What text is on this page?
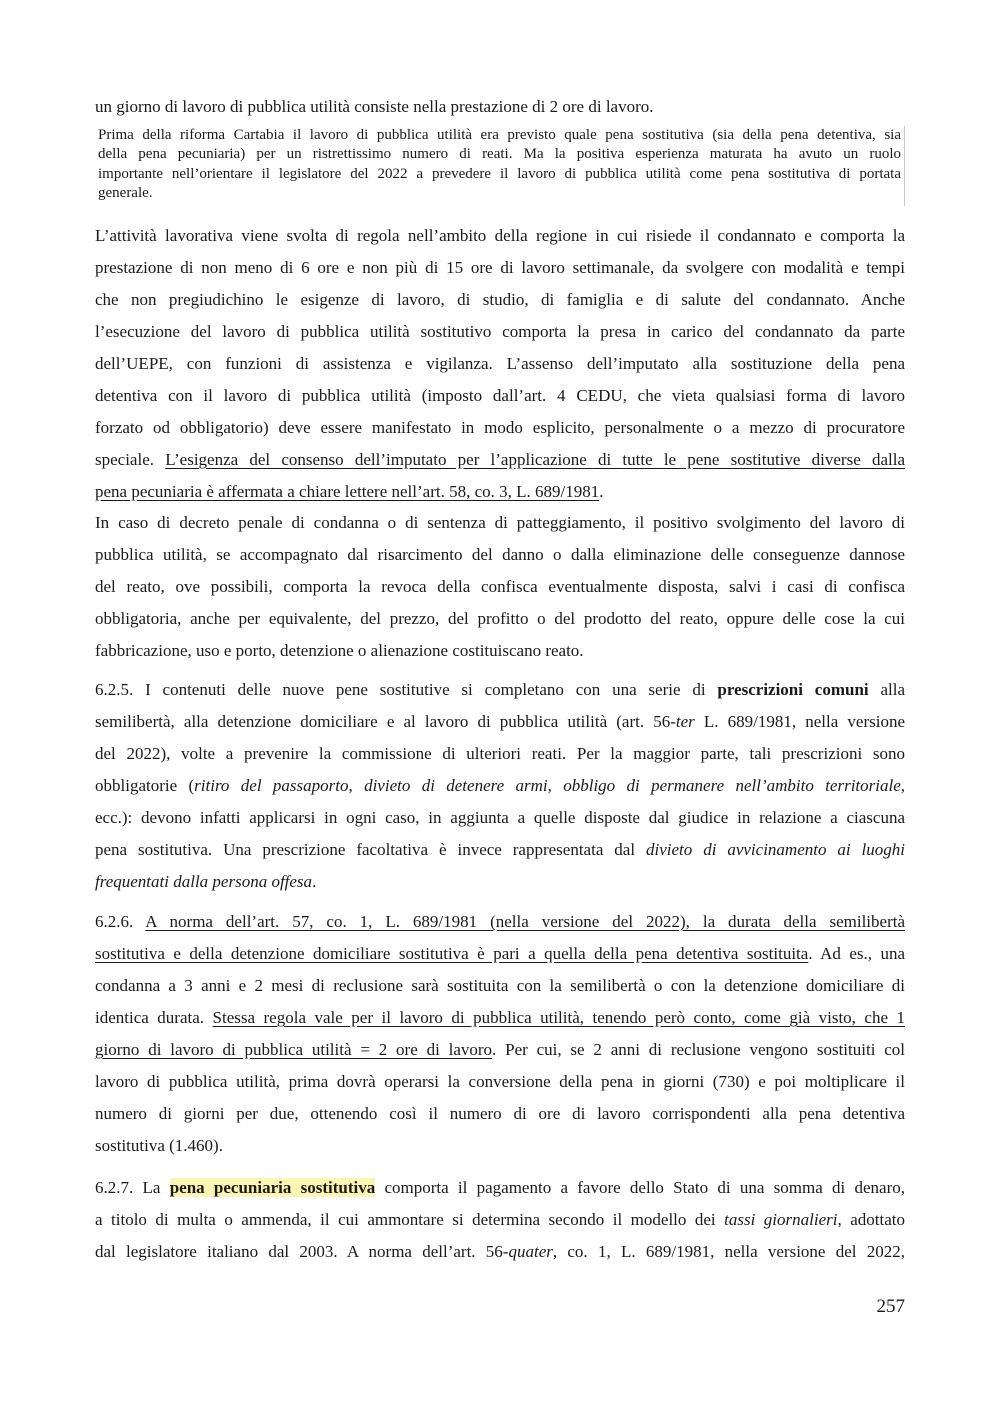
un giorno di lavoro di pubblica utilità consiste nella prestazione di 2 ore di lavoro.
Prima della riforma Cartabia il lavoro di pubblica utilità era previsto quale pena sostitutiva (sia della pena detentiva, sia
della pena pecuniaria) per un ristrettissimo numero di reati. Ma la positiva esperienza maturata ha avuto un ruolo
importante nell’orientare il legislatore del 2022 a prevedere il lavoro di pubblica utilità come pena sostitutiva di portata
generale.
L’attività lavorativa viene svolta di regola nell’ambito della regione in cui risiede il condannato e comporta la
prestazione di non meno di 6 ore e non più di 15 ore di lavoro settimanale, da svolgere con modalità e tempi
che non pregiudichino le esigenze di lavoro, di studio, di famiglia e di salute del condannato. Anche
l’esecuzione del lavoro di pubblica utilità sostitutivo comporta la presa in carico del condannato da parte
dell’UEPE, con funzioni di assistenza e vigilanza. L’assenso dell’imputato alla sostituzione della pena
detentiva con il lavoro di pubblica utilità (imposto dall’art. 4 CEDU, che vieta qualsiasi forma di lavoro
forzato od obbligatorio) deve essere manifestato in modo esplicito, personalmente o a mezzo di procuratore
speciale. L’esigenza del consenso dell’imputato per l’applicazione di tutte le pene sostitutive diverse dalla
pena pecuniaria è affermata a chiare lettere nell’art. 58, co. 3, L. 689/1981.
In caso di decreto penale di condanna o di sentenza di patteggiamento, il positivo svolgimento del lavoro di
pubblica utilità, se accompagnato dal risarcimento del danno o dalla eliminazione delle conseguenze dannose
del reato, ove possibili, comporta la revoca della confisca eventualmente disposta, salvi i casi di confisca
obbligatoria, anche per equivalente, del prezzo, del profitto o del prodotto del reato, oppure delle cose la cui
fabbricazione, uso e porto, detenzione o alienazione costituiscano reato.
6.2.5. I contenuti delle nuove pene sostitutive si completano con una serie di prescrizioni comuni alla
semilibertà, alla detenzione domiciliare e al lavoro di pubblica utilità (art. 56-ter L. 689/1981, nella versione
del 2022), volte a prevenire la commissione di ulteriori reati. Per la maggior parte, tali prescrizioni sono
obbligatorie (ritiro del passaporto, divieto di detenere armi, obbligo di permanere nell’ambito territoriale,
ecc.): devono infatti applicarsi in ogni caso, in aggiunta a quelle disposte dal giudice in relazione a ciascuna
pena sostitutiva. Una prescrizione facoltativa è invece rappresentata dal divieto di avvicinamento ai luoghi
frequentati dalla persona offesa.
6.2.6. A norma dell’art. 57, co. 1, L. 689/1981 (nella versione del 2022), la durata della semilibertà
sostitutiva e della detenzione domiciliare sostitutiva è pari a quella della pena detentiva sostituita. Ad es., una
condanna a 3 anni e 2 mesi di reclusione sarà sostituita con la semilibertà o con la detenzione domiciliare di
identica durata. Stessa regola vale per il lavoro di pubblica utilità, tenendo però conto, come già visto, che 1
giorno di lavoro di pubblica utilità = 2 ore di lavoro. Per cui, se 2 anni di reclusione vengono sostituiti col
lavoro di pubblica utilità, prima dovrà operarsi la conversione della pena in giorni (730) e poi moltiplicare il
numero di giorni per due, ottenendo così il numero di ore di lavoro corrispondenti alla pena detentiva
sostitutiva (1.460).
6.2.7. La pena pecuniaria sostitutiva comporta il pagamento a favore dello Stato di una somma di denaro,
a titolo di multa o ammenda, il cui ammontare si determina secondo il modello dei tassi giornalieri, adottato
dal legislatore italiano dal 2003. A norma dell’art. 56-quater, co. 1, L. 689/1981, nella versione del 2022,
257
